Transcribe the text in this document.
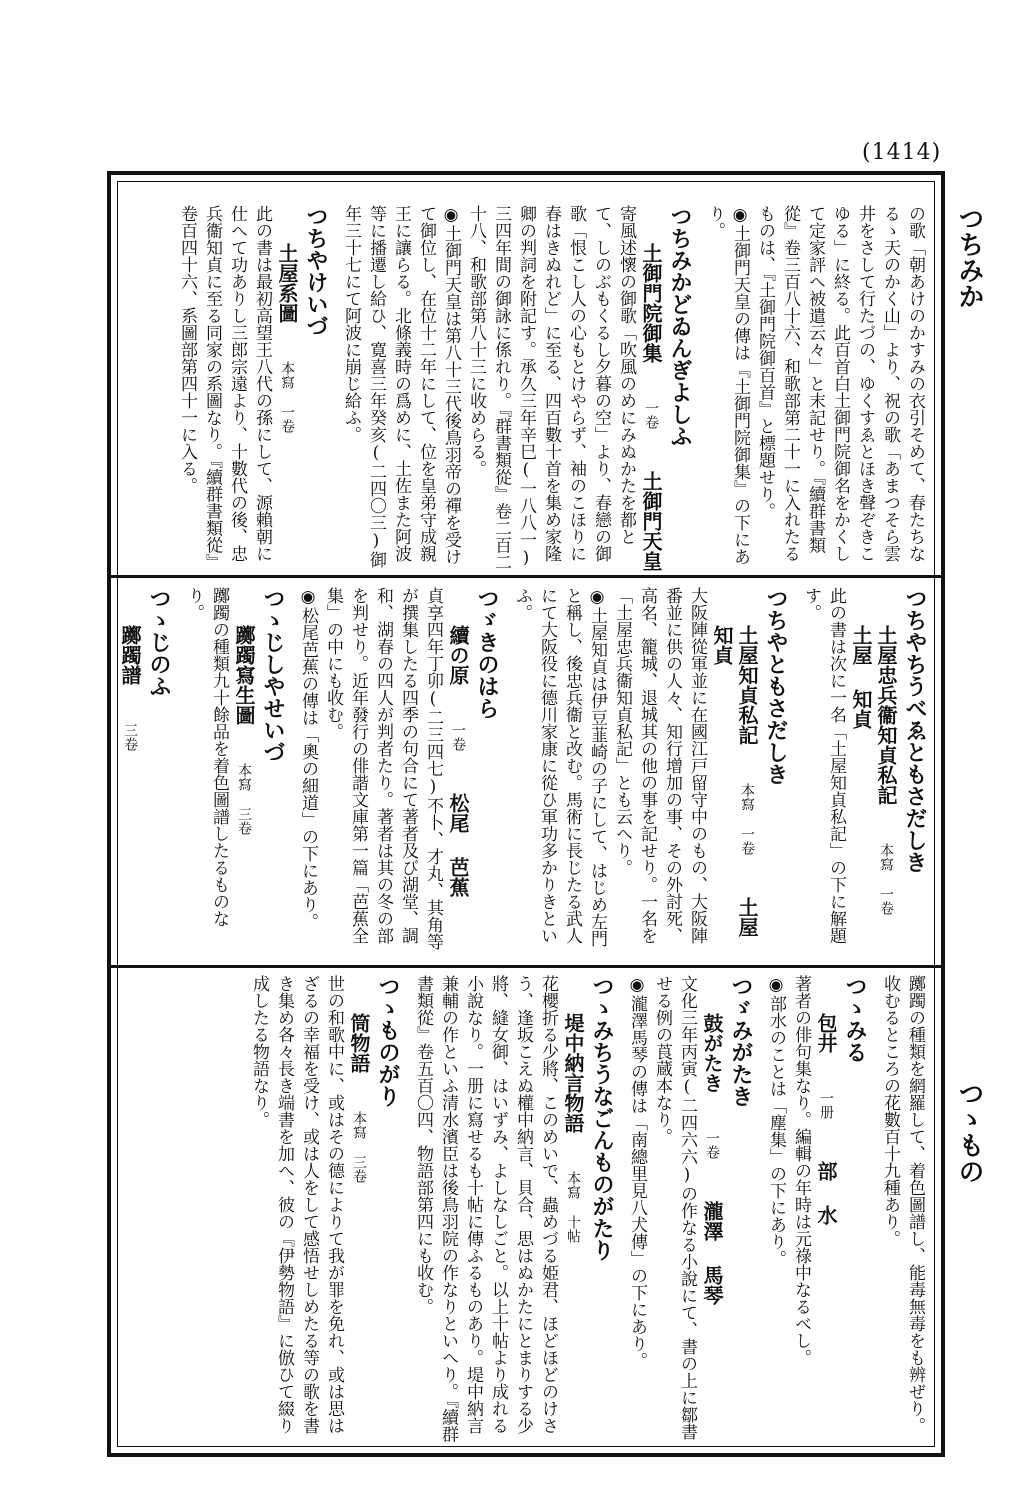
(1414)
の歌「朝あけのかすみの衣引そめて、春たちなるゝ天のかく山」より、祝の歌「あまつそら雲井をさして行たづの、ゆくすゑとほき聲ぞきこゆる」に終る。此百首白土御門院御名をかくして定家評へ被遣云々」と末記せり。『續群書類從』卷三百八十六、和歌部第二十一に入れたるものは、『土御門院御百首』と標題せり。
◉土御門天皇の傳は『土御門院御集』の下にあり。
つちみかどゐんぎよしふ
土御門院御集 一卷 土御門天皇
寄風述懷の御歌「吹風のめにみぬかたを都とて、しのぶもくるし夕暮の空」より、春戀の御歌「恨こし人の心もとけやらず、袖のこほりに春はきぬれど」に至る、四百數十首を集め家隆卿の判詞を附記す。承久三年辛巳(一八八一)三四年間の御詠に係れり。『群書類從』卷二百二十八、和歌部第八十三に收めらる。
◉土御門天皇は第八十三代後鳥羽帝の禪を受けて御位し、在位十二年にして、位を皇弟守成親王に讓らる。北條義時の爲めに、土佐また阿波等に播遷し給ひ、寛喜三年癸亥(二四〇三)御年三十七にて阿波に崩じ給ふ。
つちやけいづ
土屋系圖 本寫 一卷
此の書は最初高望王八代の孫にして、源賴朝に仕へて功ありし三郎宗遠より、十數代の後、忠兵衞知貞に至る同家の系圖なり。『續群書類從』卷百四十六、系圖部第四十一に入る。
つちやちうべゑともさだしき
土屋忠兵衞知貞私記 本寫 一卷 土屋 知貞
此の書は次に一名「土屋知貞私記」の下に解題す。
つちやともさだしき
土屋知貞私記 本寫 一卷 土屋 知貞
大阪陣從軍並に在國江戸留守中のもの、大阪陣番並に供の人々、知行增加の事、その外討死、高名、籠城、退城其の他の事を記せり。一名を「土屋忠兵衞知貞私記」とも云へり。
◉土屋知貞は伊豆韮崎の子にして、はじめ左門と稱し、後忠兵衞と改む。馬術に長じたる武人にて大阪役に德川家康に從ひ軍功多かりきといふ。
つゞきのはら
續の原 一卷 松尾 芭蕉
貞享四年丁卯(二三四七)不卜、才丸、其角等が撰集したる四季の句合にて著者及び湖堂、調和、湖春の四人が判者たり。著者は其の冬の部を判せり。近年發行の俳諧文庫第一篇「芭蕉全集」の中にも收む。
◉松尾芭蕉の傳は「奧の細道」の下にあり。
つゝじしやせいづ
躑躅寫生圖 本寫 三卷
躑躅の種類九十餘品を着色圖譜したるものなり。
つゝじのふ
躑躅譜 三卷
躑躅の種類を網羅して、着色圖譜し、能毒無毒をも辨ぜり。收むるところの花數百十九種あり。
つゝみる
包井 一册 部 水
著者の俳句集なり。編輯の年時は元祿中なるべし。
◉部水のことは「塵集」の下にあり。
つゞみがたき
鼓がたき 一卷 瀧澤 馬琴
文化三年丙寅(二四六六)の作なる小說にて、書の上に鄒書せる例の莨蔵本なり。
◉瀧澤馬琴の傳は「南總里見八犬傳」の下にあり。
つゝみちうなごんものがたり
堤中納言物語 本寫 十帖
花櫻折る少將、このめいで、蟲めづる姫君、ほどほどのけさう、逢坂こえぬ權中納言、貝合、思はぬかたにとまりする少將、縫女御、はいずみ、よしなしごと。以上十帖より成れる小說なり。一册に寫せるも十帖に傳ふるものあり。堤中納言兼輔の作といふ清水濱臣は後鳥羽院の作なりといへり。『續群書類從』卷五百〇四、物語部第四にも收む。
つゝものがり
筒物語 本寫 三卷
世の和歌中に、或はその德によりて我が罪を免れ、或は思はざるの幸福を受け、或は人をして感悟せしめたる等の歌を書き集め各々長き端書を加へ、彼の『伊勢物語』に倣ひて綴り成したる物語なり。
つちみか
つゝもの
